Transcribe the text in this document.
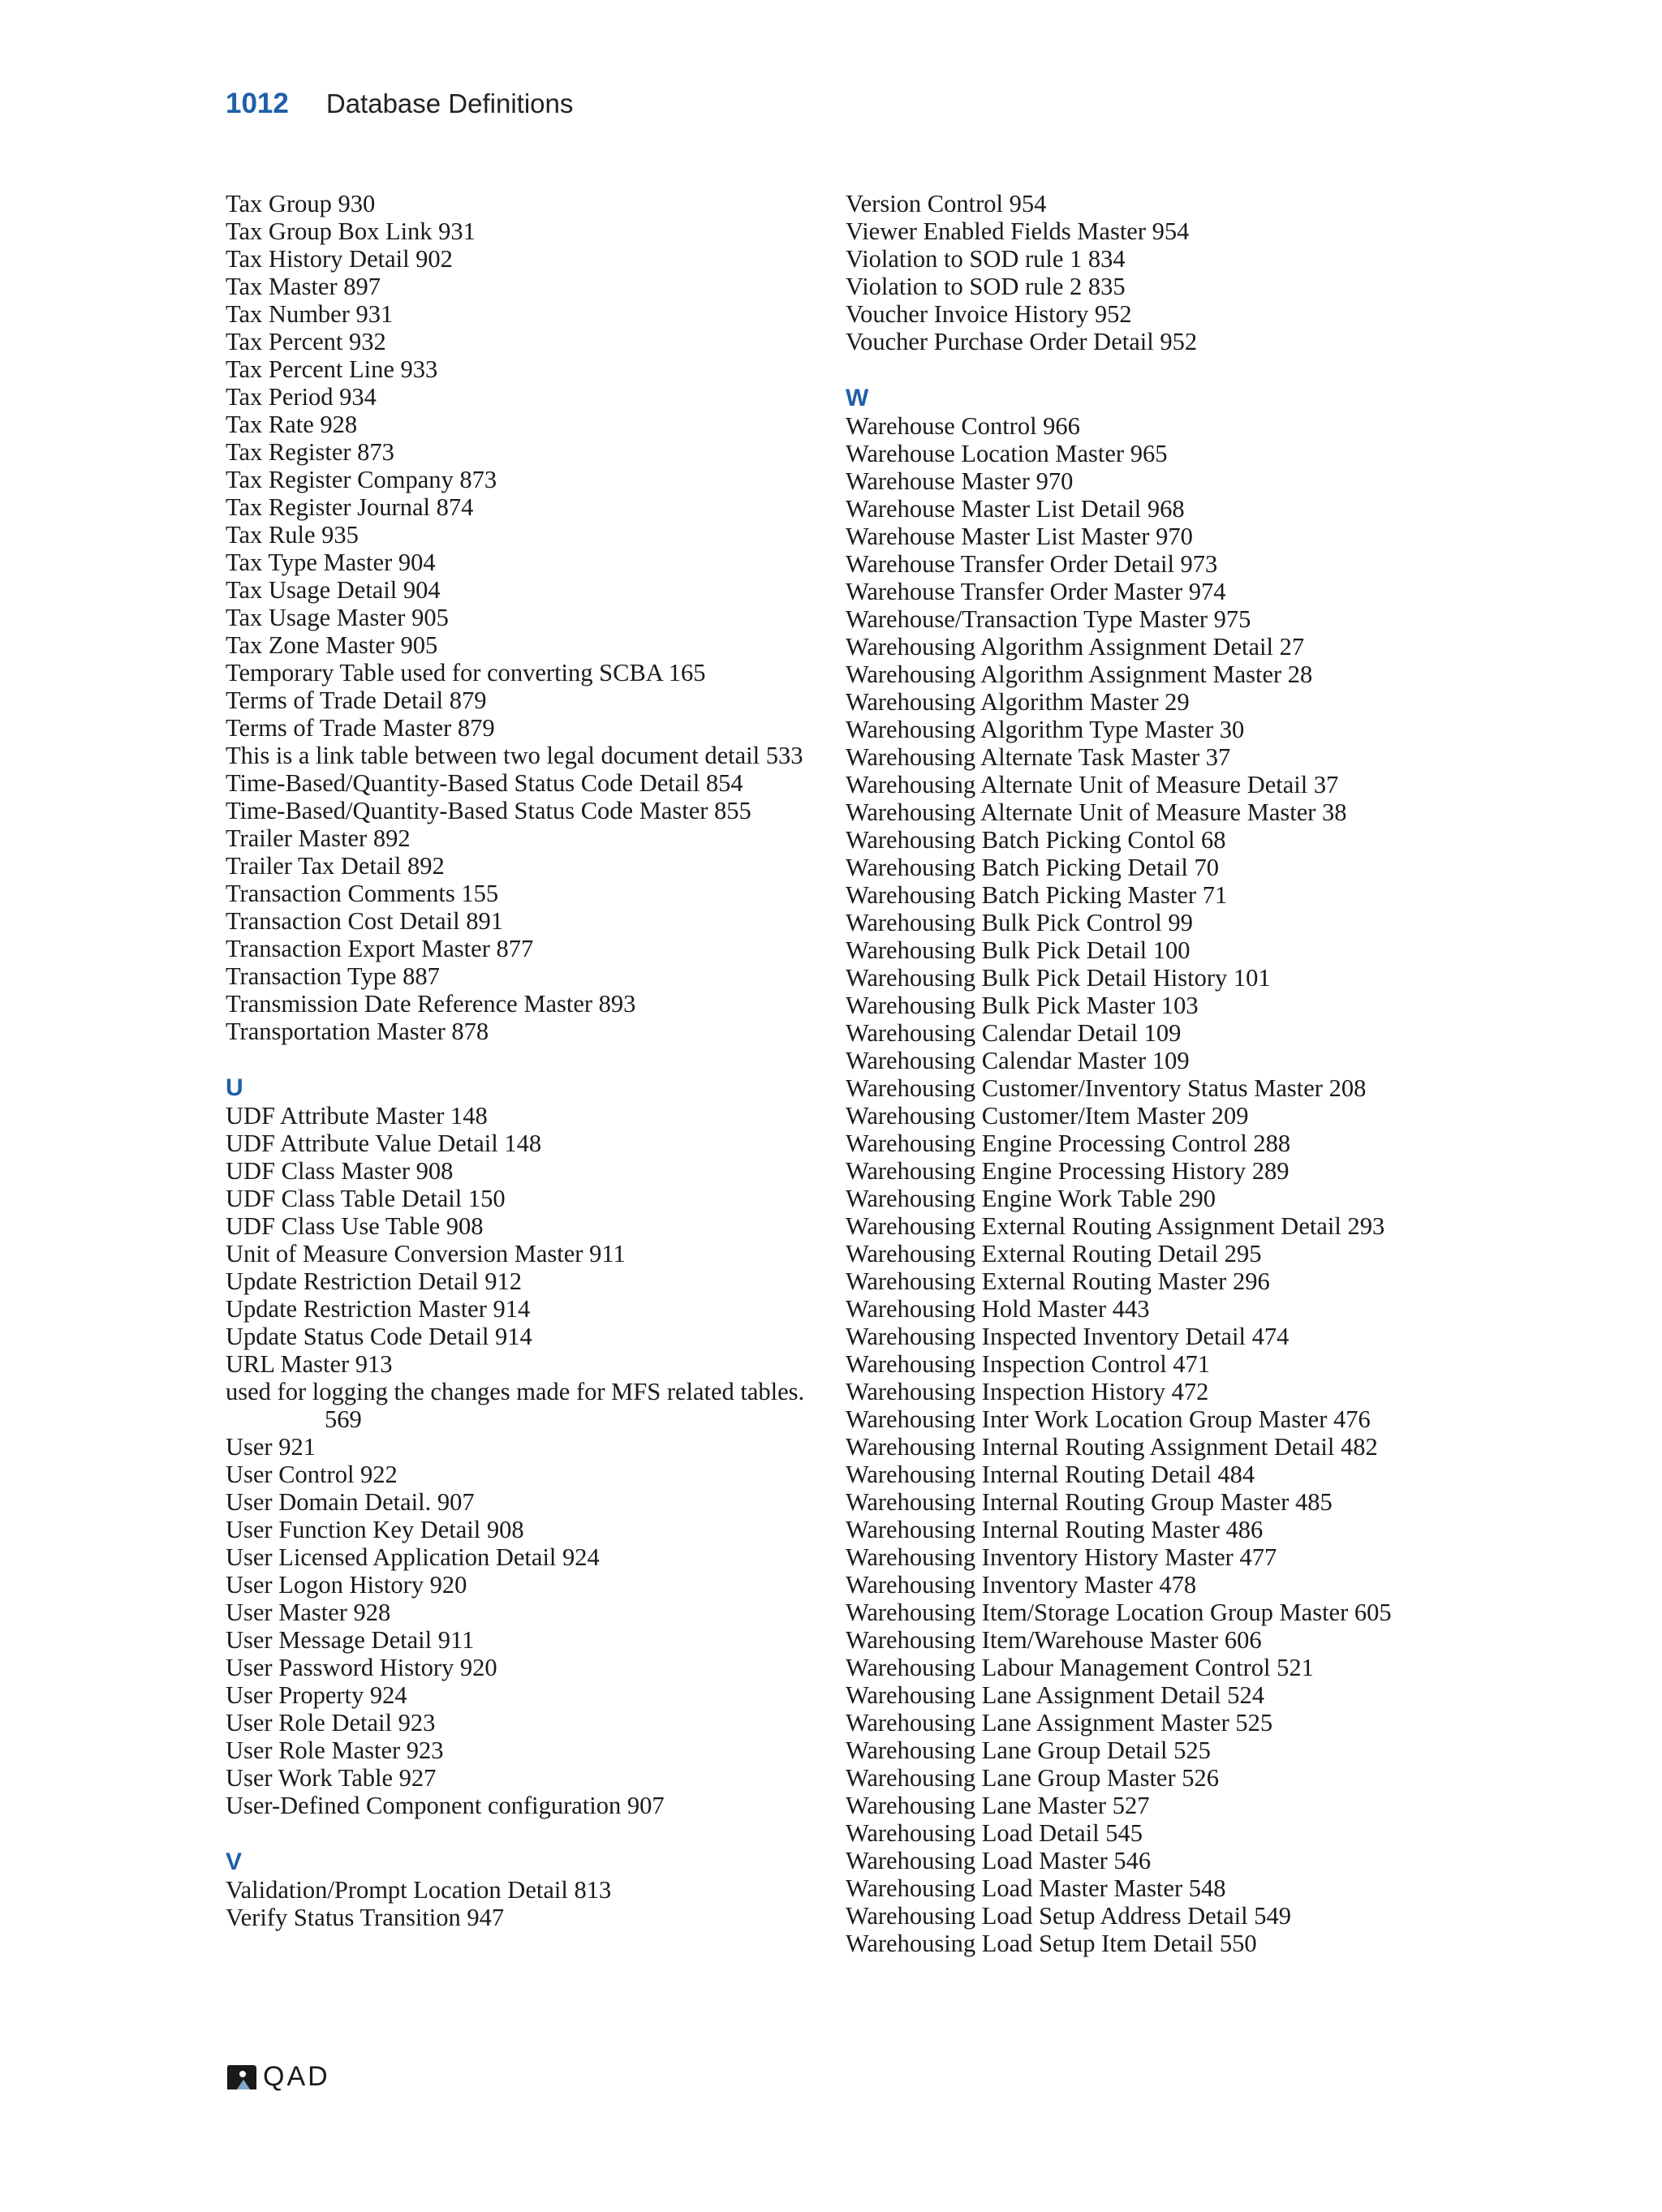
1012 Database Definitions
Tax Group 930
Tax Group Box Link 931
Tax History Detail 902
Tax Master 897
Tax Number 931
Tax Percent 932
Tax Percent Line 933
Tax Period 934
Tax Rate 928
Tax Register 873
Tax Register Company 873
Tax Register Journal 874
Tax Rule 935
Tax Type Master 904
Tax Usage Detail 904
Tax Usage Master 905
Tax Zone Master 905
Temporary Table used for converting SCBA 165
Terms of Trade Detail 879
Terms of Trade Master 879
This is a link table between two legal document detail 533
Time-Based/Quantity-Based Status Code Detail 854
Time-Based/Quantity-Based Status Code Master 855
Trailer Master 892
Trailer Tax Detail 892
Transaction Comments 155
Transaction Cost Detail 891
Transaction Export Master 877
Transaction Type 887
Transmission Date Reference Master 893
Transportation Master 878
U
UDF Attribute Master 148
UDF Attribute Value Detail 148
UDF Class Master 908
UDF Class Table Detail 150
UDF Class Use Table 908
Unit of Measure Conversion Master 911
Update Restriction Detail 912
Update Restriction Master 914
Update Status Code Detail 914
URL Master 913
used for logging the changes made for MFS related tables. 569
User 921
User Control 922
User Domain Detail. 907
User Function Key Detail 908
User Licensed Application Detail 924
User Logon History 920
User Master 928
User Message Detail 911
User Password History 920
User Property 924
User Role Detail 923
User Role Master 923
User Work Table 927
User-Defined Component configuration 907
V
Validation/Prompt Location Detail 813
Verify Status Transition 947
Version Control 954
Viewer Enabled Fields Master 954
Violation to SOD rule 1 834
Violation to SOD rule 2 835
Voucher Invoice History 952
Voucher Purchase Order Detail 952
W
Warehouse Control 966
Warehouse Location Master 965
Warehouse Master 970
Warehouse Master List Detail 968
Warehouse Master List Master 970
Warehouse Transfer Order Detail 973
Warehouse Transfer Order Master 974
Warehouse/Transaction Type Master 975
Warehousing Algorithm Assignment Detail 27
Warehousing Algorithm Assignment Master 28
Warehousing Algorithm Master 29
Warehousing Algorithm Type Master 30
Warehousing Alternate Task Master 37
Warehousing Alternate Unit of Measure Detail 37
Warehousing Alternate Unit of Measure Master 38
Warehousing Batch Picking Contol 68
Warehousing Batch Picking Detail 70
Warehousing Batch Picking Master 71
Warehousing Bulk Pick Control 99
Warehousing Bulk Pick Detail 100
Warehousing Bulk Pick Detail History 101
Warehousing Bulk Pick Master 103
Warehousing Calendar Detail 109
Warehousing Calendar Master 109
Warehousing Customer/Inventory Status Master 208
Warehousing Customer/Item Master 209
Warehousing Engine Processing Control 288
Warehousing Engine Processing History 289
Warehousing Engine Work Table 290
Warehousing External Routing Assignment Detail 293
Warehousing External Routing Detail 295
Warehousing External Routing Master 296
Warehousing Hold Master 443
Warehousing Inspected Inventory Detail 474
Warehousing Inspection Control 471
Warehousing Inspection History 472
Warehousing Inter Work Location Group Master 476
Warehousing Internal Routing Assignment Detail 482
Warehousing Internal Routing Detail 484
Warehousing Internal Routing Group Master 485
Warehousing Internal Routing Master 486
Warehousing Inventory History Master 477
Warehousing Inventory Master 478
Warehousing Item/Storage Location Group Master 605
Warehousing Item/Warehouse Master 606
Warehousing Labour Management Control 521
Warehousing Lane Assignment Detail 524
Warehousing Lane Assignment Master 525
Warehousing Lane Group Detail 525
Warehousing Lane Group Master 526
Warehousing Lane Master 527
Warehousing Load Detail 545
Warehousing Load Master 546
Warehousing Load Master Master 548
Warehousing Load Setup Address Detail 549
Warehousing Load Setup Item Detail 550
QAD
